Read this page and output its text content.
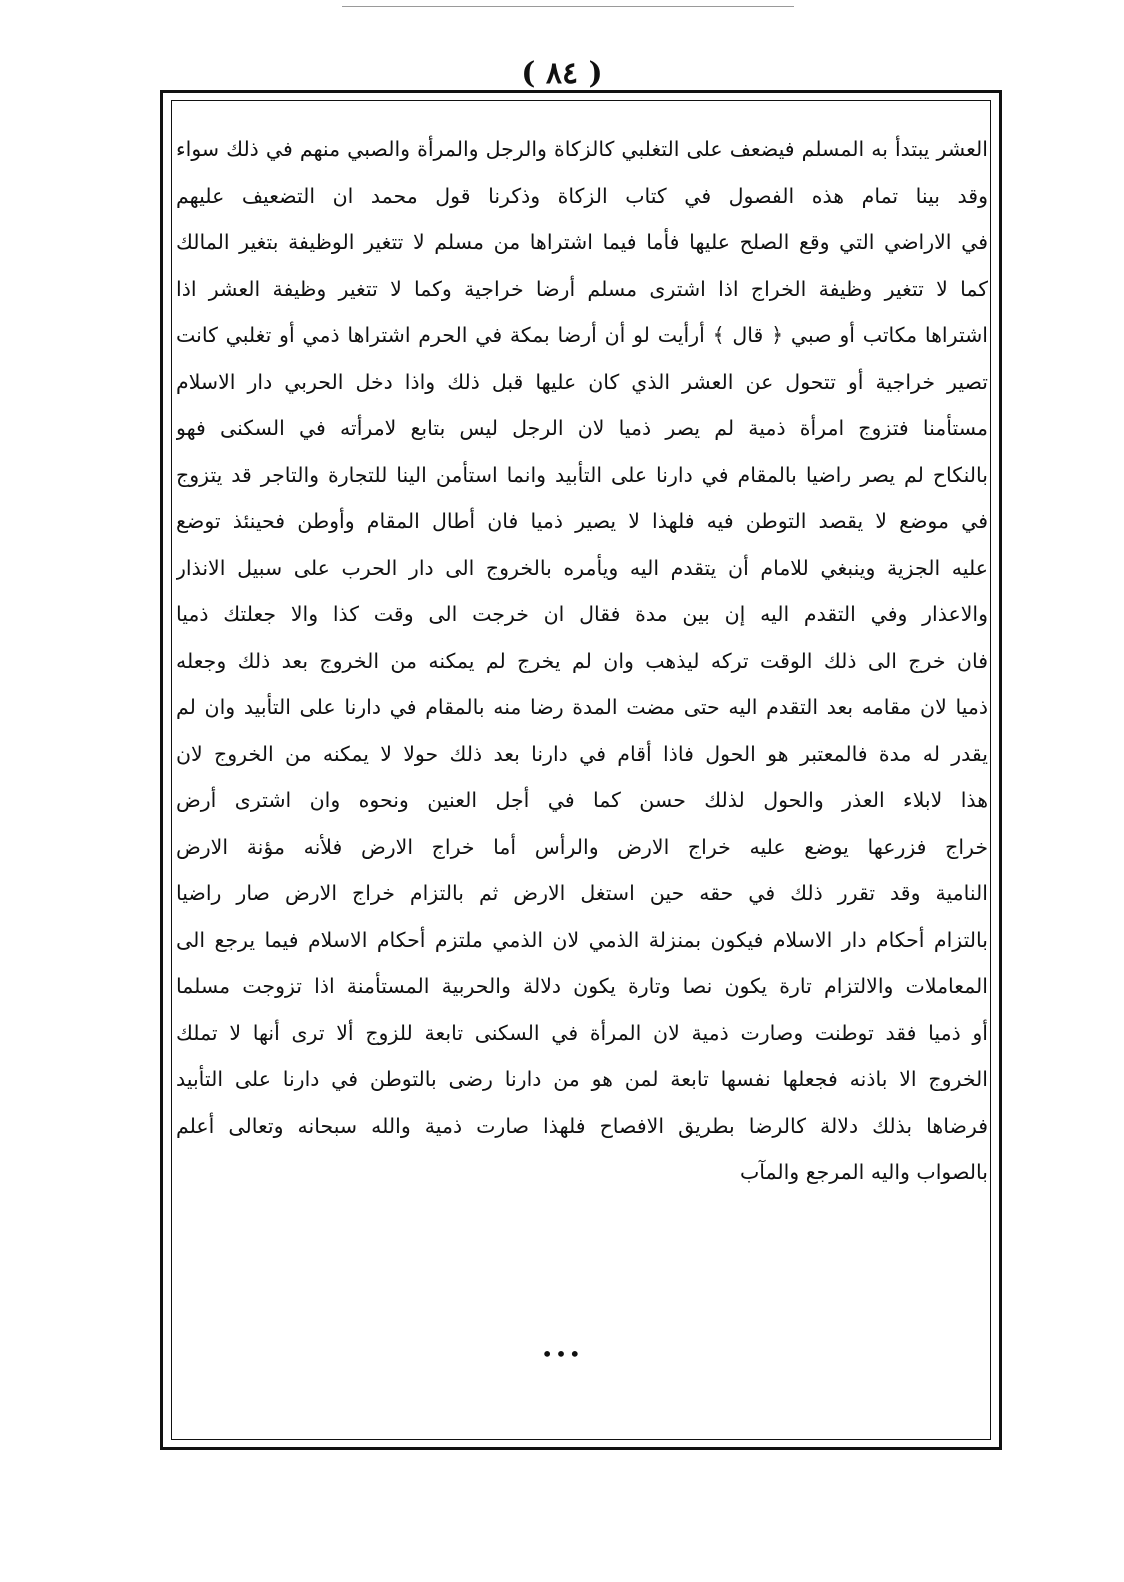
( ٨٤ )
العشر يبتدأ به المسلم فيضعف على التغلبي كالزكاة والرجل والمرأة والصبي منهم في ذلك سواء
وقد بينا تمام هذه الفصول في كتاب الزكاة وذكرنا قول محمد ان التضعيف عليهم
في الاراضي التي وقع الصلح عليها فأما فيما اشتراها من مسلم لا تتغير الوظيفة بتغير المالك
كما لا تتغير وظيفة الخراج اذا اشترى مسلم أرضا خراجية وكما لا تتغير وظيفة العشر اذا
اشتراها مكاتب أو صبي ﴿ قال ﴾ أرأيت لو أن أرضا بمكة في الحرم اشتراها ذمي أو تغلبي كانت
تصير خراجية أو تتحول عن العشر الذي كان عليها قبل ذلك واذا دخل الحربي دار الاسلام
مستأمنا فتزوج امرأة ذمية لم يصر ذميا لان الرجل ليس بتابع لامرأته في السكنى فهو
بالنكاح لم يصر راضيا بالمقام في دارنا على التأبيد وانما استأمن الينا للتجارة والتاجر قد يتزوج
في موضع لا يقصد التوطن فيه فلهذا لا يصير ذميا فان أطال المقام وأوطن فحينئذ توضع
عليه الجزية وينبغي للامام أن يتقدم اليه ويأمره بالخروج الى دار الحرب على سبيل الانذار
والاعذار وفي التقدم اليه إن بين مدة فقال ان خرجت الى وقت كذا والا جعلتك ذميا
فان خرج الى ذلك الوقت تركه ليذهب وان لم يخرج لم يمكنه من الخروج بعد ذلك وجعله
ذميا لان مقامه بعد التقدم اليه حتى مضت المدة رضا منه بالمقام في دارنا على التأبيد وان لم
يقدر له مدة فالمعتبر هو الحول فاذا أقام في دارنا بعد ذلك حولا لا يمكنه من الخروج لان
هذا لابلاء العذر والحول لذلك حسن كما في أجل العنين ونحوه وان اشترى أرض
خراج فزرعها يوضع عليه خراج الارض والرأس أما خراج الارض فلأنه مؤنة الارض
النامية وقد تقرر ذلك في حقه حين استغل الارض ثم بالتزام خراج الارض صار راضيا
بالتزام أحكام دار الاسلام فيكون بمنزلة الذمي لان الذمي ملتزم أحكام الاسلام فيما يرجع الى
المعاملات والالتزام تارة يكون نصا وتارة يكون دلالة والحربية المستأمنة اذا تزوجت مسلما
أو ذميا فقد توطنت وصارت ذمية لان المرأة في السكنى تابعة للزوج ألا ترى أنها لا تملك
الخروج الا باذنه فجعلها نفسها تابعة لمن هو من دارنا رضى بالتوطن في دارنا على التأبيد
فرضاها بذلك دلالة كالرضا بطريق الافصاح فلهذا صارت ذمية والله سبحانه وتعالى أعلم
بالصواب واليه المرجع والمآب
•••
